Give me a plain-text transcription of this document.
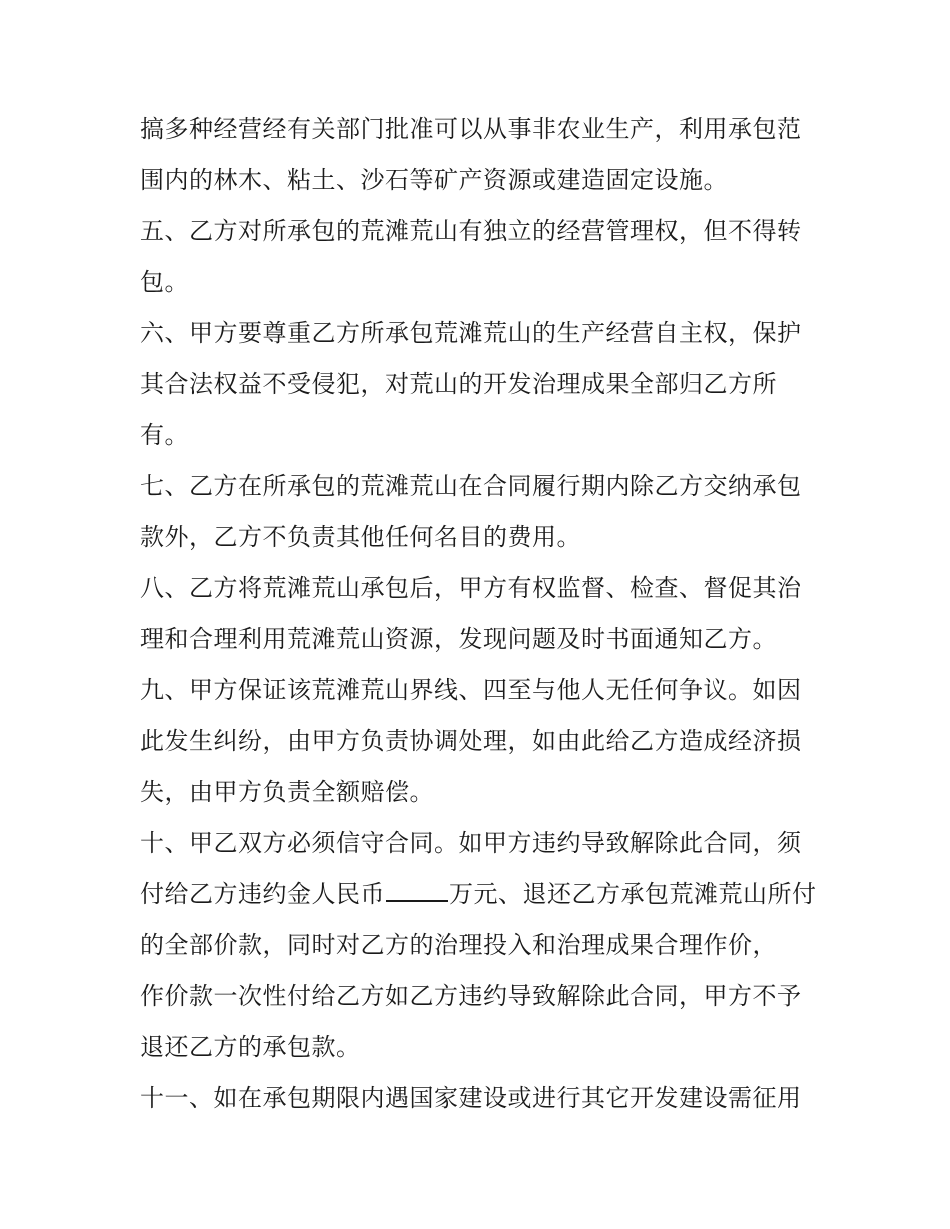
搞多种经营经有关部门批准可以从事非农业生产，利用承包范
围内的林木、粘土、沙石等矿产资源或建造固定设施。
五、乙方对所承包的荒滩荒山有独立的经营管理权，但不得转
包。
六、甲方要尊重乙方所承包荒滩荒山的生产经营自主权，保护
其合法权益不受侵犯，对荒山的开发治理成果全部归乙方所
有。
七、乙方在所承包的荒滩荒山在合同履行期内除乙方交纳承包
款外，乙方不负责其他任何名目的费用。
八、乙方将荒滩荒山承包后，甲方有权监督、检查、督促其治
理和合理利用荒滩荒山资源，发现问题及时书面通知乙方。
九、甲方保证该荒滩荒山界线、四至与他人无任何争议。如因
此发生纠纷，由甲方负责协调处理，如由此给乙方造成经济损
失，由甲方负责全额赔偿。
十、甲乙双方必须信守合同。如甲方违约导致解除此合同，须
付给乙方违约金人民币	万元、退还乙方承包荒滩荒山所付
的全部价款，同时对乙方的治理投入和治理成果合理作价，
作价款一次性付给乙方如乙方违约导致解除此合同，甲方不予
退还乙方的承包款。
十一、如在承包期限内遇国家建设或进行其它开发建设需征用
